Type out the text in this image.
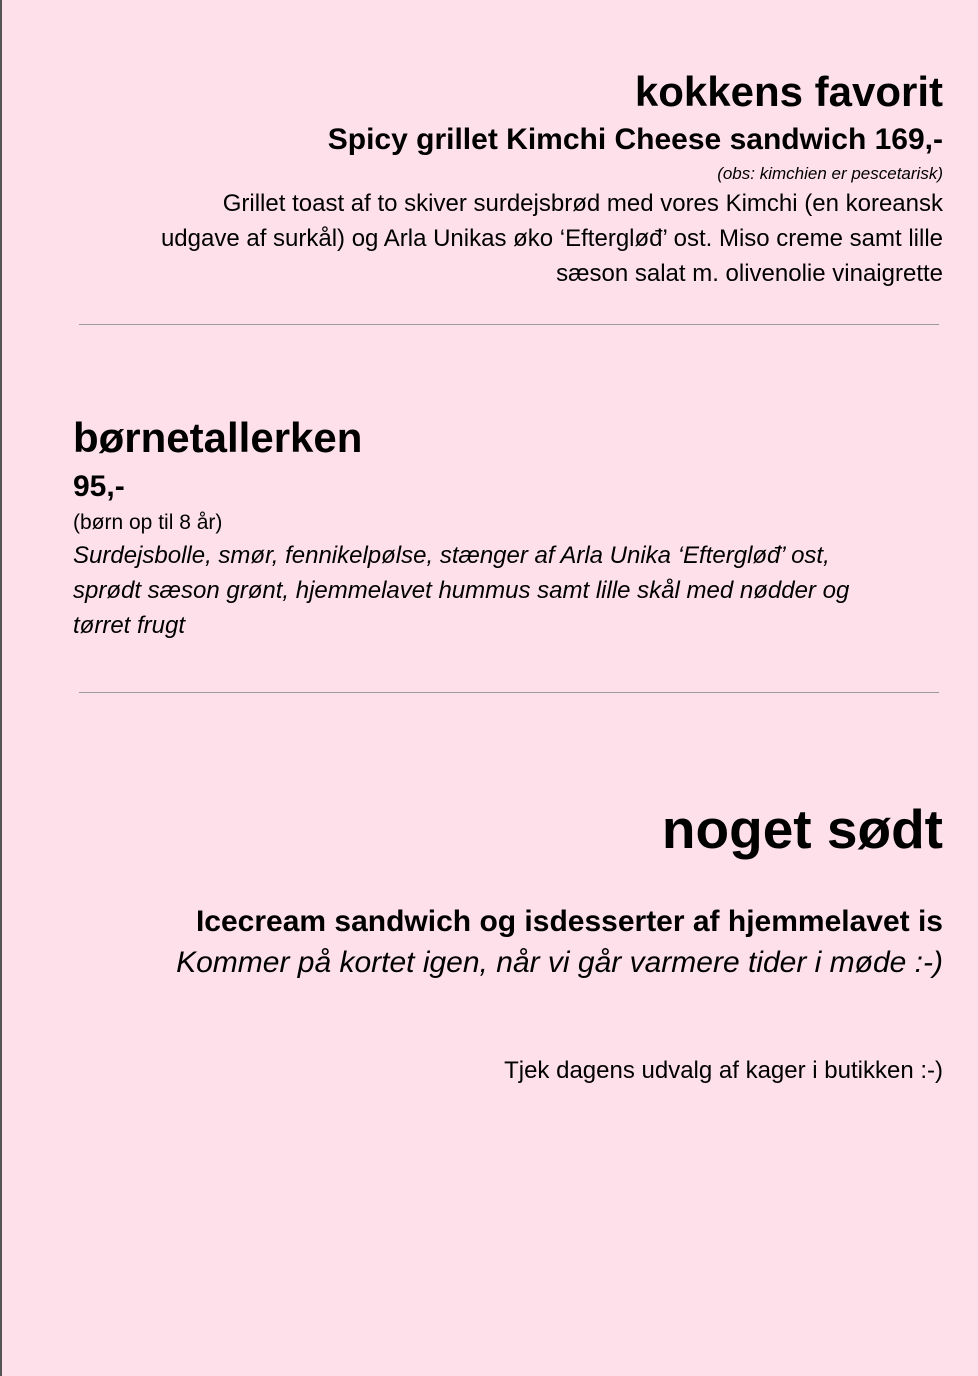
kokkens favorit
Spicy grillet Kimchi Cheese sandwich 169,-
(obs: kimchien er pescetarisk)
Grillet toast af to skiver surdejsbrød med vores Kimchi (en koreansk
udgave af surkål) og Arla Unikas øko ‘Eftergløđ’ ost. Miso creme samt lille
sæson salat m. olivenolie vinaigrette
børnetallerken
95,-
(børn op til 8 år)
Surdejsbolle, smør, fennikelpølse, stænger af Arla Unika ‘Eftergløđ’ ost,
sprødt sæson grønt, hjemmelavet hummus samt lille skål med nødder og
tørret frugt
noget sødt
Icecream sandwich og isdesserter af hjemmelavet is
Kommer på kortet igen, når vi går varmere tider i møde :-)
Tjek dagens udvalg af kager i butikken :-)
